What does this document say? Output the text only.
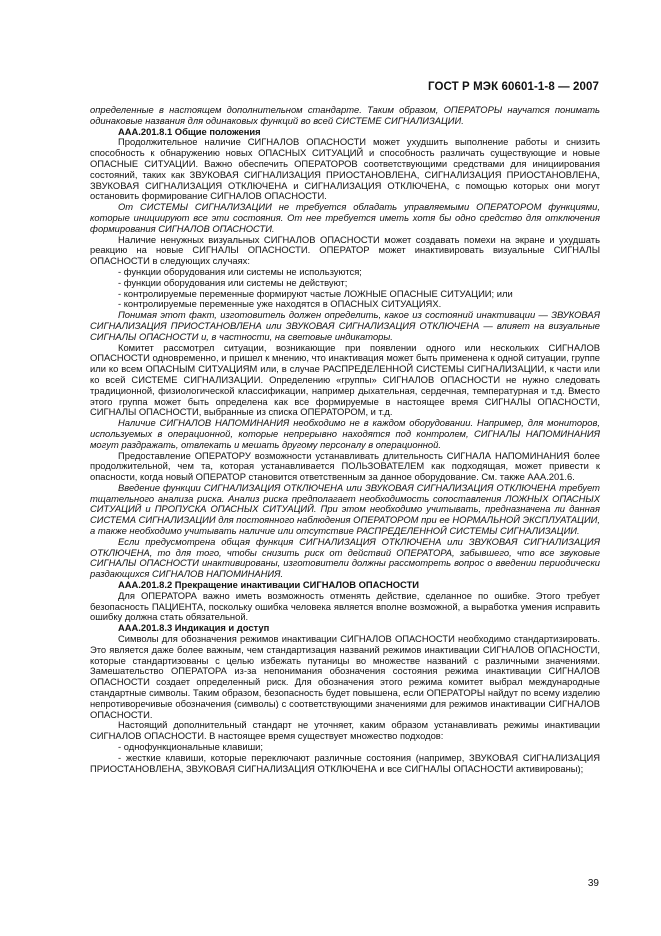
ГОСТ Р МЭК 60601-1-8 — 2007

определенные в настоящем дополнительном стандарте. Таким образом, ОПЕРАТОРЫ научатся понимать одинаковые названия для одинаковых функций во всей СИСТЕМЕ СИГНАЛИЗАЦИИ.

ААА.201.8.1 Общие положения

Продолжительное наличие СИГНАЛОВ ОПАСНОСТИ может ухудшить выполнение работы и снизить способность к обнаружению новых ОПАСНЫХ СИТУАЦИЙ и способность различать существующие и новые ОПАСНЫЕ СИТУАЦИИ. Важно обеспечить ОПЕРАТОРОВ соответствующими средствами для инициирования состояний, таких как ЗВУКОВАЯ СИГНАЛИЗАЦИЯ ПРИОСТАНОВЛЕНА, СИГНАЛИЗАЦИЯ ПРИОСТАНОВЛЕНА, ЗВУКОВАЯ СИГНАЛИЗАЦИЯ ОТКЛЮЧЕНА и СИГНАЛИЗАЦИЯ ОТКЛЮЧЕНА, с помощью которых они могут остановить формирование СИГНАЛОВ ОПАСНОСТИ.

От СИСТЕМЫ СИГНАЛИЗАЦИИ не требуется обладать управляемыми ОПЕРАТОРОМ функциями, которые инициируют все эти состояния. От нее требуется иметь хотя бы одно средство для отключения формирования СИГНАЛОВ ОПАСНОСТИ.

Наличие ненужных визуальных СИГНАЛОВ ОПАСНОСТИ может создавать помехи на экране и ухудшать реакцию на новые СИГНАЛЫ ОПАСНОСТИ. ОПЕРАТОР может инактивировать визуальные СИГНАЛЫ ОПАСНОСТИ в следующих случаях:

- функции оборудования или системы не используются;

- функции оборудования или системы не действуют;

- контролируемые переменные формируют частые ЛОЖНЫЕ ОПАСНЫЕ СИТУАЦИИ; или

- контролируемые переменные уже находятся в ОПАСНЫХ СИТУАЦИЯХ.

Понимая этот факт, изготовитель должен определить, какое из состояний инактивации — ЗВУКОВАЯ СИГНАЛИЗАЦИЯ ПРИОСТАНОВЛЕНА или ЗВУКОВАЯ СИГНАЛИЗАЦИЯ ОТКЛЮЧЕНА — влияет на визуальные СИГНАЛЫ ОПАСНОСТИ и, в частности, на световые индикаторы.

Комитет рассмотрел ситуации, возникающие при появлении одного или нескольких СИГНАЛОВ ОПАСНОСТИ одновременно, и пришел к мнению, что инактивация может быть применена к одной ситуации, группе или ко всем ОПАСНЫМ СИТУАЦИЯМ или, в случае РАСПРЕДЕЛЕННОЙ СИСТЕМЫ СИГНАЛИЗАЦИИ, к части или ко всей СИСТЕМЕ СИГНАЛИЗАЦИИ. Определению «группы» СИГНАЛОВ ОПАСНОСТИ не нужно следовать традиционной, физиологической классификации, например дыхательная, сердечная, температурная и т.д. Вместо этого группа может быть определена как все формируемые в настоящее время СИГНАЛЫ ОПАСНОСТИ, СИГНАЛЫ ОПАСНОСТИ, выбранные из списка ОПЕРАТОРОМ, и т.д.

Наличие СИГНАЛОВ НАПОМИНАНИЯ необходимо не в каждом оборудовании. Например, для мониторов, используемых в операционной, которые непрерывно находятся под контролем, СИГНАЛЫ НАПОМИНАНИЯ могут раздражать, отвлекать и мешать другому персоналу в операционной.

Предоставление ОПЕРАТОРУ возможности устанавливать длительность СИГНАЛА НАПОМИНАНИЯ более продолжительной, чем та, которая устанавливается ПОЛЬЗОВАТЕЛЕМ как подходящая, может привести к опасности, когда новый ОПЕРАТОР становится ответственным за данное оборудование. См. также ААА.201.6.

Введение функции СИГНАЛИЗАЦИЯ ОТКЛЮЧЕНА или ЗВУКОВАЯ СИГНАЛИЗАЦИЯ ОТКЛЮЧЕНА требует тщательного анализа риска. Анализ риска предполагает необходимость сопоставления ЛОЖНЫХ ОПАСНЫХ СИТУАЦИЙ и ПРОПУСКА ОПАСНЫХ СИТУАЦИЙ. При этом необходимо учитывать, предназначена ли данная СИСТЕМА СИГНАЛИЗАЦИИ для постоянного наблюдения ОПЕРАТОРОМ при ее НОРМАЛЬНОЙ ЭКСПЛУАТАЦИИ, а также необходимо учитывать наличие или отсутствие РАСПРЕДЕЛЕННОЙ СИСТЕМЫ СИГНАЛИЗАЦИИ.

Если предусмотрена общая функция СИГНАЛИЗАЦИЯ ОТКЛЮЧЕНА или ЗВУКОВАЯ СИГНАЛИЗАЦИЯ ОТКЛЮЧЕНА, то для того, чтобы снизить риск от действий ОПЕРАТОРА, забывшего, что все звуковые СИГНАЛЫ ОПАСНОСТИ инактивированы, изготовители должны рассмотреть вопрос о введении периодически раздающихся СИГНАЛОВ НАПОМИНАНИЯ.

ААА.201.8.2 Прекращение инактивации СИГНАЛОВ ОПАСНОСТИ

Для ОПЕРАТОРА важно иметь возможность отменять действие, сделанное по ошибке. Этого требует безопасность ПАЦИЕНТА, поскольку ошибка человека является вполне возможной, а выработка умения исправить ошибку должна стать обязательной.

ААА.201.8.3 Индикация и доступ

Символы для обозначения режимов инактивации СИГНАЛОВ ОПАСНОСТИ необходимо стандартизировать. Это является даже более важным, чем стандартизация названий режимов инактивации СИГНАЛОВ ОПАСНОСТИ, которые стандартизованы с целью избежать путаницы во множестве названий с различными значениями. Замешательство ОПЕРАТОРА из-за непонимания обозначения состояния режима инактивации СИГНАЛОВ ОПАСНОСТИ создает определенный риск. Для обозначения этого режима комитет выбрал международные стандартные символы. Таким образом, безопасность будет повышена, если ОПЕРАТОРЫ найдут по всему изделию непротиворечивые обозначения (символы) с соответствующими значениями для режимов инактивации СИГНАЛОВ ОПАСНОСТИ.

Настоящий дополнительный стандарт не уточняет, каким образом устанавливать режимы инактивации СИГНАЛОВ ОПАСНОСТИ. В настоящее время существует множество подходов:

- однофункциональные клавиши;

- жесткие клавиши, которые переключают различные состояния (например, ЗВУКОВАЯ СИГНАЛИЗАЦИЯ ПРИОСТАНОВЛЕНА, ЗВУКОВАЯ СИГНАЛИЗАЦИЯ ОТКЛЮЧЕНА и все СИГНАЛЫ ОПАСНОСТИ активированы);

39
